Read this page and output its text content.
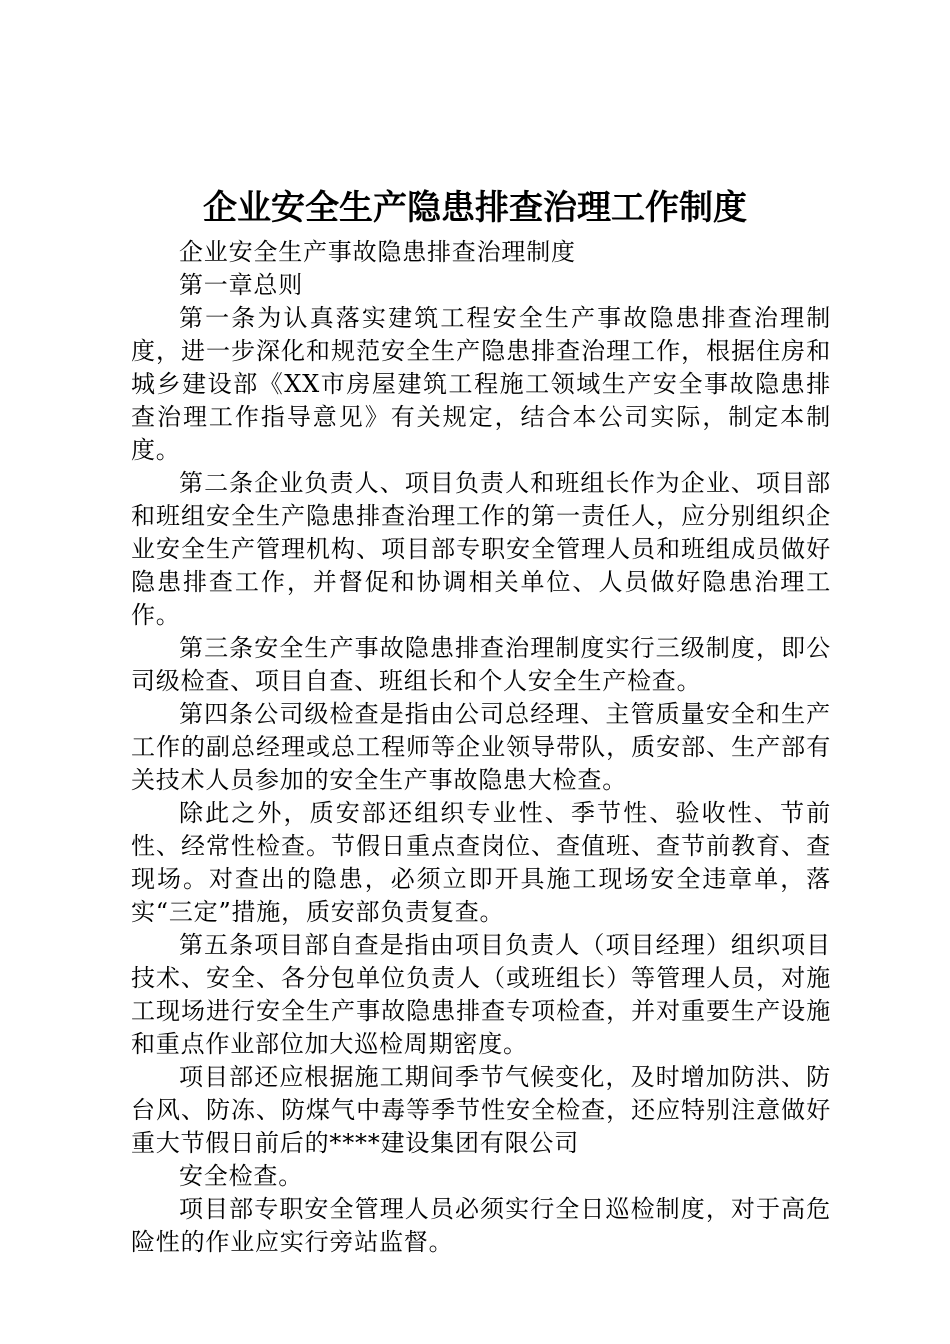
企业安全生产隐患排查治理工作制度

企业安全生产事故隐患排查治理制度

第一章总则

第一条为认真落实建筑工程安全生产事故隐患排查治理制度，进一步深化和规范安全生产隐患排查治理工作，根据住房和城乡建设部《XX市房屋建筑工程施工领域生产安全事故隐患排查治理工作指导意见》有关规定，结合本公司实际，制定本制度。

第二条企业负责人、项目负责人和班组长作为企业、项目部和班组安全生产隐患排查治理工作的第一责任人，应分别组织企业安全生产管理机构、项目部专职安全管理人员和班组成员做好隐患排查工作，并督促和协调相关单位、人员做好隐患治理工作。

第三条安全生产事故隐患排查治理制度实行三级制度，即公司级检查、项目自查、班组长和个人安全生产检查。

第四条公司级检查是指由公司总经理、主管质量安全和生产工作的副总经理或总工程师等企业领导带队，质安部、生产部有关技术人员参加的安全生产事故隐患大检查。

除此之外，质安部还组织专业性、季节性、验收性、节前性、经常性检查。节假日重点查岗位、查值班、查节前教育、查现场。对查出的隐患，必须立即开具施工现场安全违章单，落实“三定”措施，质安部负责复查。

第五条项目部自查是指由项目负责人（项目经理）组织项目技术、安全、各分包单位负责人（或班组长）等管理人员，对施工现场进行安全生产事故隐患排查专项检查，并对重要生产设施和重点作业部位加大巡检周期密度。

项目部还应根据施工期间季节气候变化，及时增加防洪、防台风、防冻、防煤气中毒等季节性安全检查，还应特别注意做好重大节假日前后的****建设集团有限公司

安全检查。

项目部专职安全管理人员必须实行全日巡检制度，对于高危险性的作业应实行旁站监督。
